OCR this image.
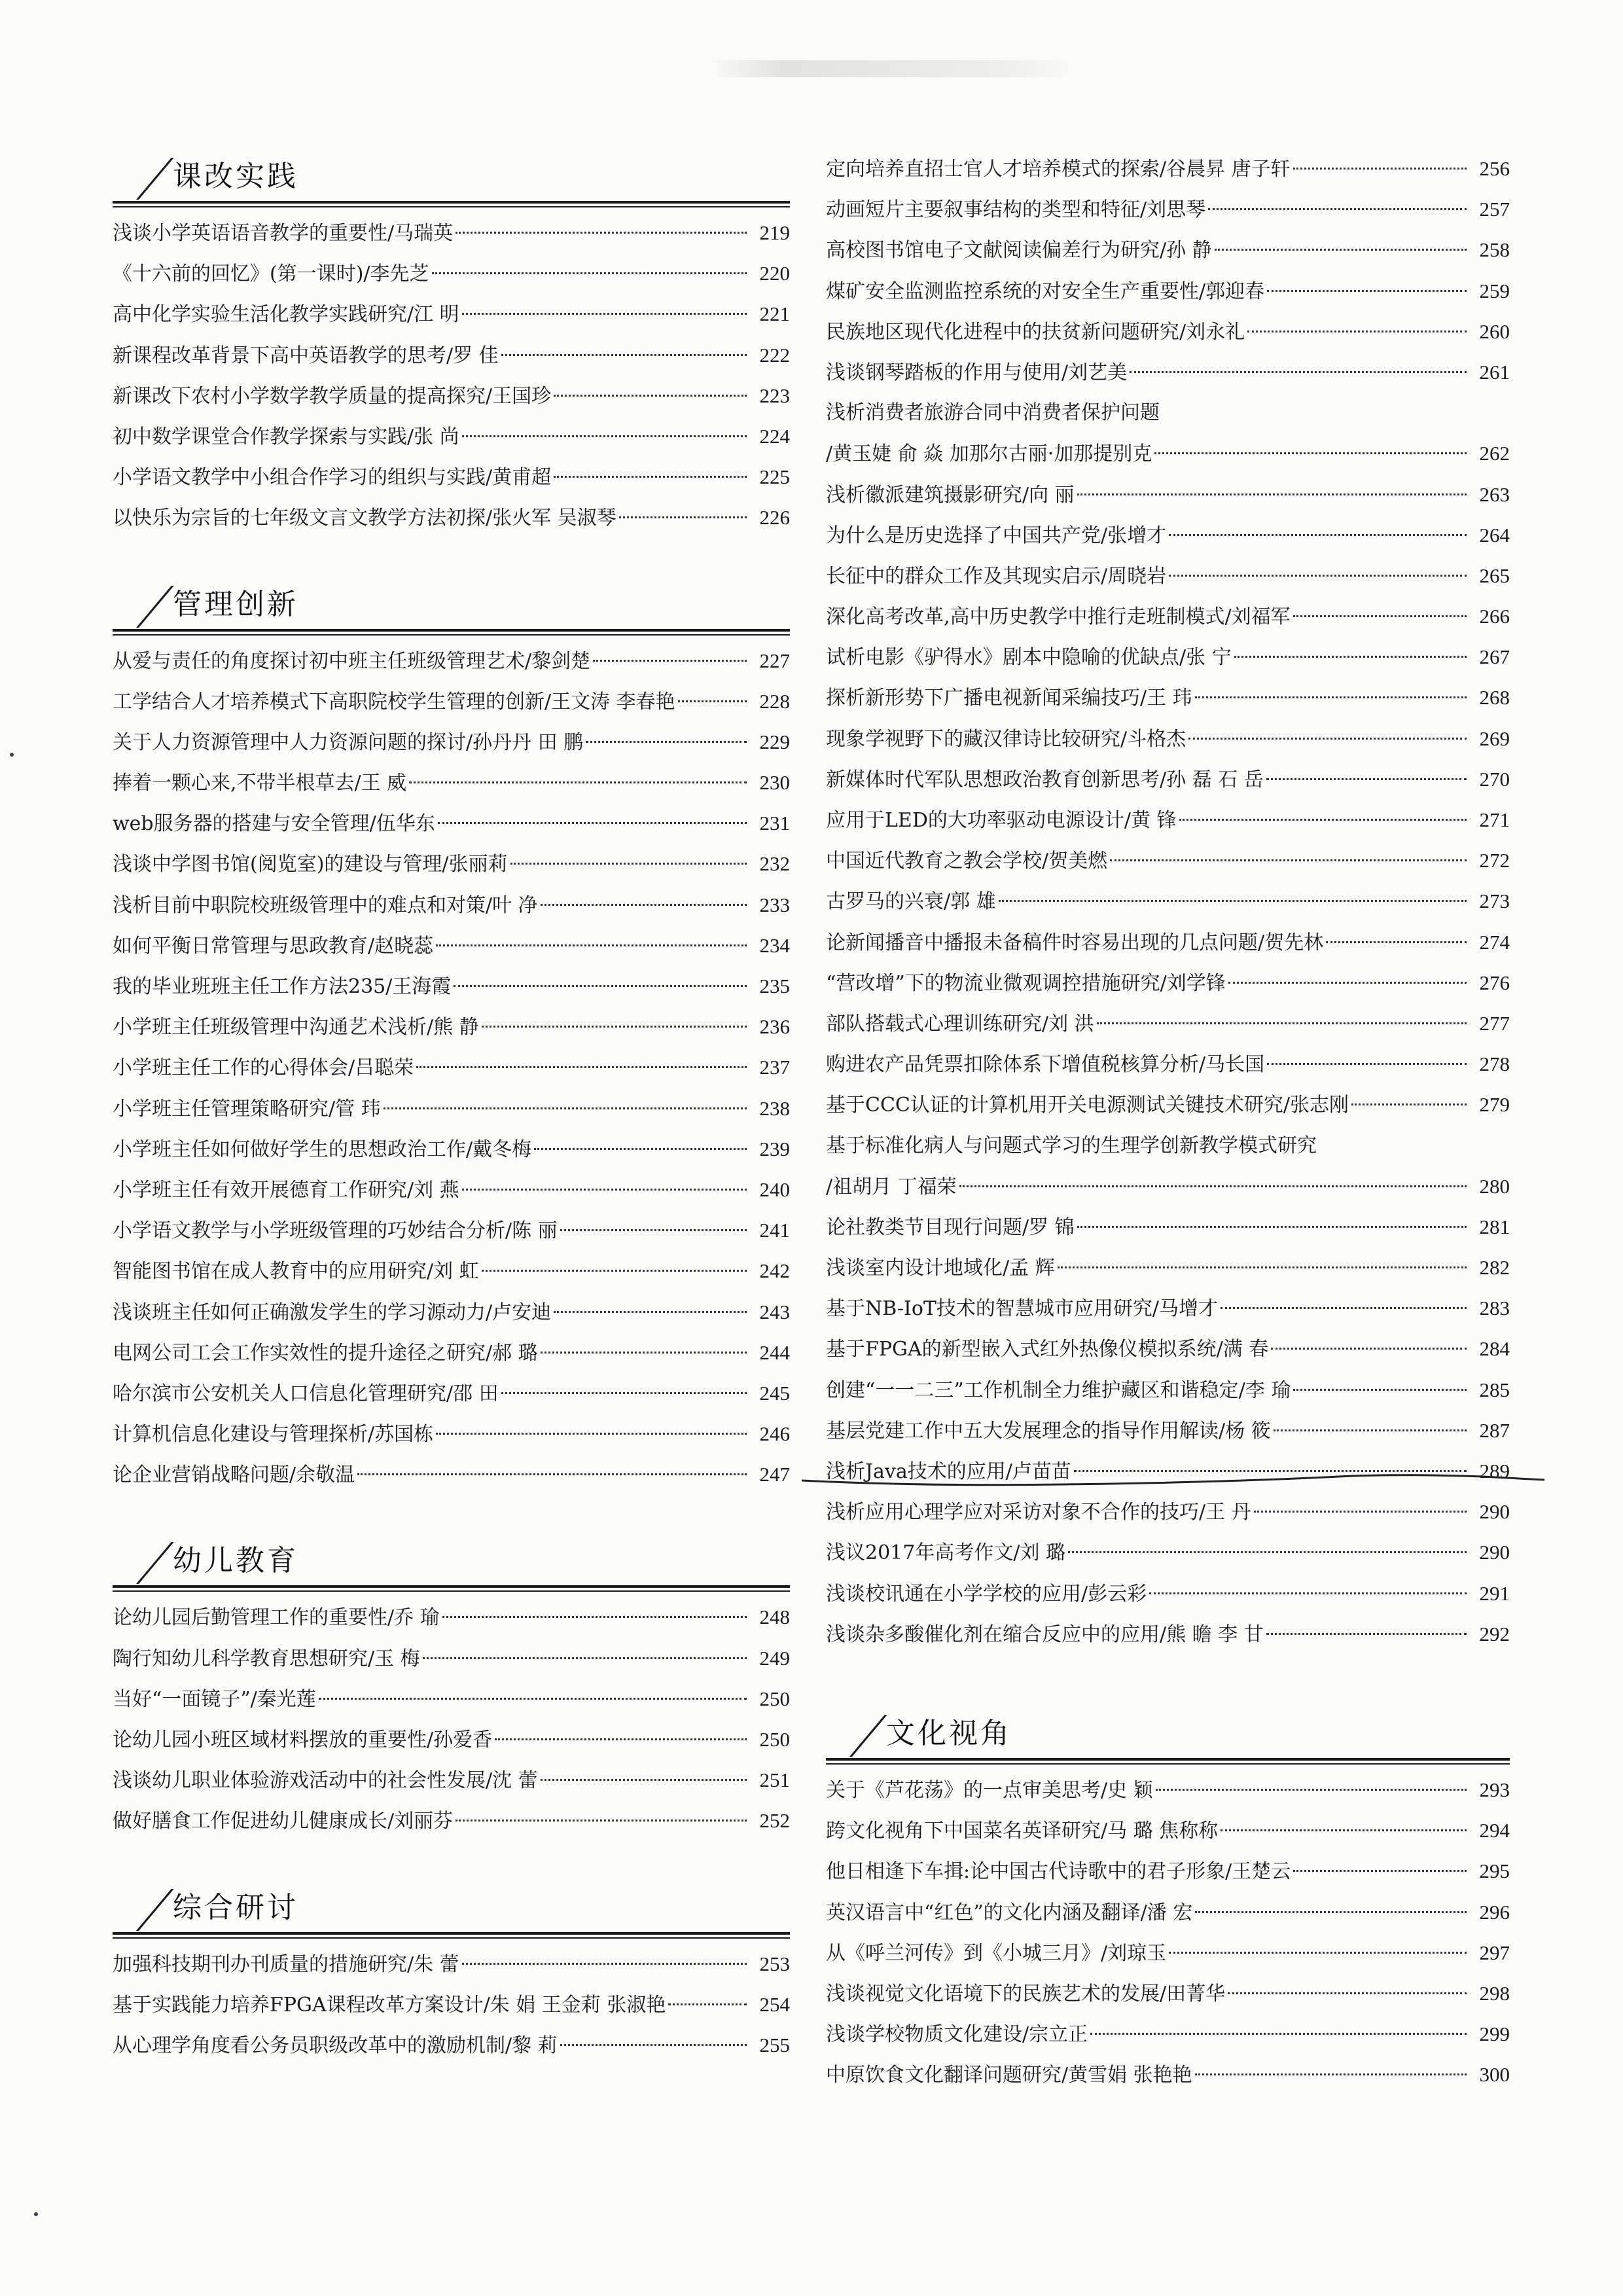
课改实践
浅谈小学英语语音教学的重要性/马瑞英	219
《十六前的回忆》(第一课时)/李先芝	220
高中化学实验生活化教学实践研究/江 明	221
新课程改革背景下高中英语教学的思考/罗 佳	222
新课改下农村小学数学教学质量的提高探究/王国珍	223
初中数学课堂合作教学探索与实践/张 尚	224
小学语文教学中小组合作学习的组织与实践/黄甫超	225
以快乐为宗旨的七年级文言文教学方法初探/张火军 吴淑琴	226
管理创新
从爱与责任的角度探讨初中班主任班级管理艺术/黎剑楚	227
工学结合人才培养模式下高职院校学生管理的创新/王文涛 李春艳	228
关于人力资源管理中人力资源问题的探讨/孙丹丹 田 鹏	229
捧着一颗心来,不带半根草去/王 威	230
web服务器的搭建与安全管理/伍华东	231
浅谈中学图书馆(阅览室)的建设与管理/张丽莉	232
浅析目前中职院校班级管理中的难点和对策/叶 净	233
如何平衡日常管理与思政教育/赵晓蕊	234
我的毕业班班主任工作方法235/王海霞	235
小学班主任班级管理中沟通艺术浅析/熊 静	236
小学班主任工作的心得体会/吕聪荣	237
小学班主任管理策略研究/管 玮	238
小学班主任如何做好学生的思想政治工作/戴冬梅	239
小学班主任有效开展德育工作研究/刘 燕	240
小学语文教学与小学班级管理的巧妙结合分析/陈 丽	241
智能图书馆在成人教育中的应用研究/刘 虹	242
浅谈班主任如何正确激发学生的学习源动力/卢安迪	243
电网公司工会工作实效性的提升途径之研究/郝 璐	244
哈尔滨市公安机关人口信息化管理研究/邵 田	245
计算机信息化建设与管理探析/苏国栋	246
论企业营销战略问题/余敬温	247
幼儿教育
论幼儿园后勤管理工作的重要性/乔 瑜	248
陶行知幼儿科学教育思想研究/玉 梅	249
当好“一面镜子”/秦光莲	250
论幼儿园小班区域材料摆放的重要性/孙爱香	250
浅谈幼儿职业体验游戏活动中的社会性发展/沈 蕾	251
做好膳食工作促进幼儿健康成长/刘丽芬	252
综合研讨
加强科技期刊办刊质量的措施研究/朱 蕾	253
基于实践能力培养FPGA课程改革方案设计/朱 娟 王金莉 张淑艳	254
从心理学角度看公务员职级改革中的激励机制/黎 莉	255
定向培养直招士官人才培养模式的探索/谷晨昇 唐子轩	256
动画短片主要叙事结构的类型和特征/刘思琴	257
高校图书馆电子文献阅读偏差行为研究/孙 静	258
煤矿安全监测监控系统的对安全生产重要性/郭迎春	259
民族地区现代化进程中的扶贫新问题研究/刘永礼	260
浅谈钢琴踏板的作用与使用/刘艺美	261
浅析消费者旅游合同中消费者保护问题
/黄玉婕 俞 焱 加那尔古丽·加那提别克	262
浅析徽派建筑摄影研究/向 丽	263
为什么是历史选择了中国共产党/张增才	264
长征中的群众工作及其现实启示/周晓岩	265
深化高考改革,高中历史教学中推行走班制模式/刘福军	266
试析电影《驴得水》剧本中隐喻的优缺点/张 宁	267
探析新形势下广播电视新闻采编技巧/王 玮	268
现象学视野下的藏汉律诗比较研究/斗格杰	269
新媒体时代军队思想政治教育创新思考/孙 磊 石 岳	270
应用于LED的大功率驱动电源设计/黄 锋	271
中国近代教育之教会学校/贺美燃	272
古罗马的兴衰/郭 雄	273
论新闻播音中播报未备稿件时容易出现的几点问题/贺先林	274
“营改增”下的物流业微观调控措施研究/刘学锋	276
部队搭载式心理训练研究/刘 洪	277
购进农产品凭票扣除体系下增值税核算分析/马长国	278
基于CCC认证的计算机用开关电源测试关键技术研究/张志刚	279
基于标准化病人与问题式学习的生理学创新教学模式研究
/祖胡月 丁福荣	280
论社教类节目现行问题/罗 锦	281
浅谈室内设计地域化/孟 辉	282
基于NB-IoT技术的智慧城市应用研究/马增才	283
基于FPGA的新型嵌入式红外热像仪模拟系统/满 春	284
创建“一一二三”工作机制全力维护藏区和谐稳定/李 瑜	285
基层党建工作中五大发展理念的指导作用解读/杨 筱	287
浅析Java技术的应用/卢苗苗	289
浅析应用心理学应对采访对象不合作的技巧/王 丹	290
浅议2017年高考作文/刘 璐	290
浅谈校讯通在小学学校的应用/彭云彩	291
浅谈杂多酸催化剂在缩合反应中的应用/熊 瞻 李 甘	292
文化视角
关于《芦花荡》的一点审美思考/史 颖	293
跨文化视角下中国菜名英译研究/马 璐 焦称称	294
他日相逢下车揖:论中国古代诗歌中的君子形象/王楚云	295
英汉语言中“红色”的文化内涵及翻译/潘 宏	296
从《呼兰河传》到《小城三月》/刘琼玉	297
浅谈视觉文化语境下的民族艺术的发展/田菁华	298
浅谈学校物质文化建设/宗立正	299
中原饮食文化翻译问题研究/黄雪娟 张艳艳	300
